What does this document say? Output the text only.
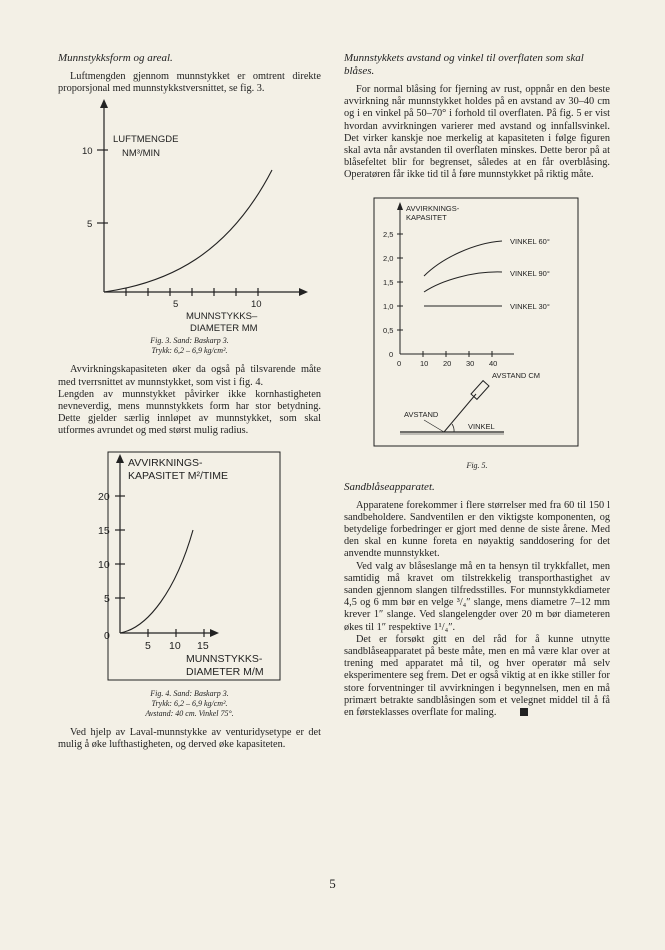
Munnstykksform og areal.

Luftmengden gjennom munnstykket er omtrent direkte proporsjonal med munnstykkstversnittet, se fig. 3.

10
5
5	10
LUFTMENGDE
NM³/MIN
MUNNSTYKKS–
DIAMETER MM
Fig. 3. Sand: Baskarp 3.
Trykk: 6,2 – 6,9 kg/cm².

Avvirkningskapasiteten øker da også på tilsvarende måte med tverrsnittet av munnstykket, som vist i fig. 4.

Lengden av munnstykket påvirker ikke kornhastigheten nevneverdig, mens munnstykkets form har stor betydning. Dette gjelder særlig innløpet av munnstykket, som skal utformes avrundet og med størst mulig radius.

AVVIRKNINGS-
KAPASITET M²/TIME
20
15
10
5
0
5 10 15
MUNNSTYKKS-
DIAMETER M/M
Fig. 4. Sand: Baskarp 3.
Trykk: 6,2 – 6,9 kg/cm².
Avstand: 40 cm. Vinkel 75°.

Ved hjelp av Laval-munnstykke av venturidysetype er det mulig å øke lufthastigheten, og derved øke kapasiteten.

Munnstykkets avstand og vinkel til overflaten som skal blåses.

For normal blåsing for fjerning av rust, oppnår en den beste avvirkning når munnstykket holdes på en avstand av 30–40 cm og i en vinkel på 50–70° i forhold til overflaten. På fig. 5 er vist hvordan avvirkningen varierer med avstand og innfallsvinkel. Det virker kanskje noe merkelig at kapasiteten i følge figuren skal avta når avstanden til overflaten minskes. Dette beror på at blåsefeltet blir for begrenset, således at en får overblåsing. Operatøren får ikke tid til å føre munnstykket på riktig måte.

AVVIRKNINGS-
KAPASITET
2,5
2,0
1,5
1,0
0,5
0
0	10 20 30 40
AVSTAND CM
VINKEL 60°
VINKEL 90°
VINKEL 30°
AVSTAND
VINKEL
Fig. 5.
Sandblåseapparatet.

Apparatene forekommer i flere størrelser med fra 60 til 150 l sandbeholdere. Sandventilen er den viktigste komponenten, og betydelige forbedringer er gjort med denne de siste årene. Med den skal en kunne foreta en nøyaktig sanddosering for det anvendte munnstykket.

Ved valg av blåseslange må en ta hensyn til trykkfallet, men samtidig må kravet om tilstrekkelig transporthastighet av sanden gjennom slangen tilfredsstilles. For munnstykkdiameter 4,5 og 6 mm bør en velge ³/₄″ slange, mens diametre 7–12 mm krever 1″ slange. Ved slangelengder over 20 m bør diameteren økes til 1″ respektive 1¹/₄″.

Det er forsøkt gitt en del råd for å kunne utnytte sandblåseapparatet på beste måte, men en må være klar over at trening med apparatet må til, og hver operatør må selv eksperimentere seg frem. Det er også viktig at en ikke stiller for store forventninger til avvirkningen i begynnelsen, men en må primært betrakte sandblåsingen som et velegnet middel til å få en førsteklasses overflate for maling.

5
